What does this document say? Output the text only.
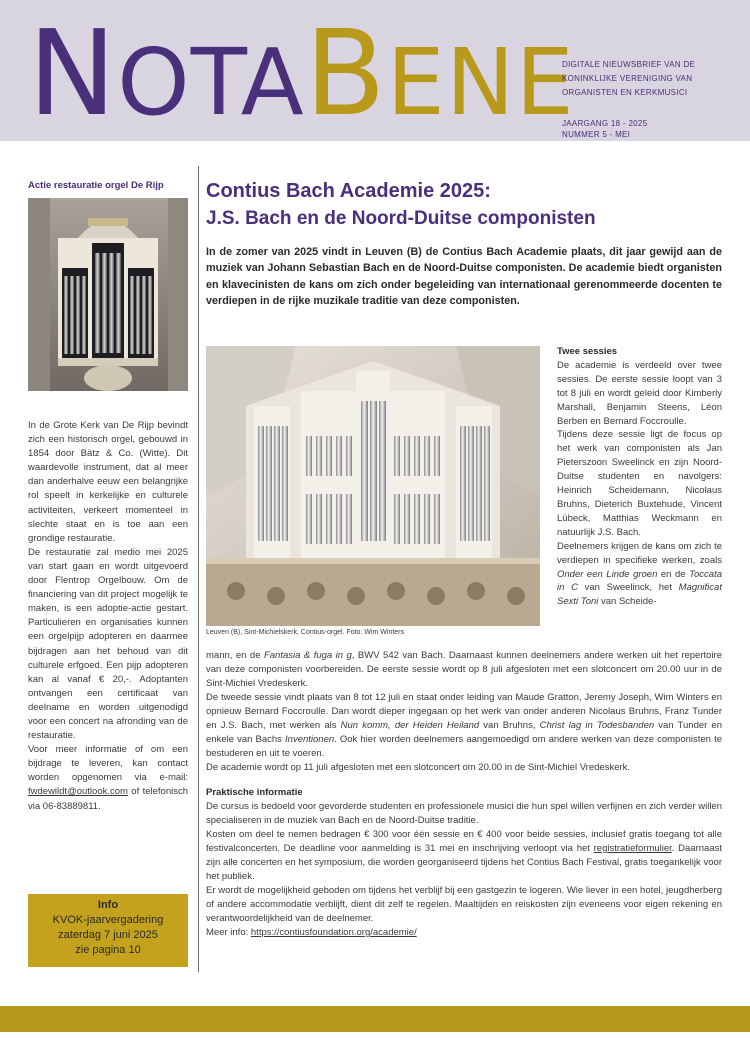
NOTABENE
DIGITALE NIEUWSBRIEF VAN DE KONINKLIJKE VERENIGING VAN ORGANISTEN EN KERKMUSICI
JAARGANG 18 - 2025
NUMMER 5 - MEI
Actie restauratie orgel De Rijp

In de Grote Kerk van De Rijp bevindt zich een historisch orgel, gebouwd in 1854 door Bätz & Co. (Witte). Dit waardevolle instrument, dat al meer dan anderhalve eeuw een belangrijke rol speelt in kerkelijke en culturele activiteiten, verkeert momenteel in slechte staat en is toe aan een grondige restauratie.

De restauratie zal medio mei 2025 van start gaan en wordt uitgevoerd door Flentrop Orgelbouw. Om de financiering van dit project mogelijk te maken, is een adoptie-actie gestart. Particulieren en organisaties kunnen een orgelpijp adopteren en daarmee bijdragen aan het behoud van dit culturele erfgoed. Een pijp adopteren kan al vanaf € 20,-. Adoptanten ontvangen een certificaat van deelname en worden uitgenodigd voor een concert na afronding van de restauratie.

Voor meer informatie of om een bijdrage te leveren, kan contact worden opgenomen via e-mail: fwdewildt@outlook.com of telefonisch via 06-83889811.

Info
KVOK-jaarvergadering
zaterdag 7 juni 2025
zie pagina 10
Contius Bach Academie 2025:
J.S. Bach en de Noord-Duitse componisten
In de zomer van 2025 vindt in Leuven (B) de Contius Bach Academie plaats, dit jaar gewijd aan de muziek van Johann Sebastian Bach en de Noord-Duitse componisten. De academie biedt organisten en klavecinisten de kans om zich onder begeleiding van internationaal gerenommeerde docenten te verdiepen in de rijke muzikale traditie van deze componisten.
Leuven (B), Sint-Michielskerk, Contius-orgel. Foto: Wim Winters
Twee sessies

De academie is verdeeld over twee sessies. De eerste sessie loopt van 3 tot 8 juli en wordt geleid door Kimberly Marshall, Benjamin Steens, Léon Berben en Bernard Foccroulle.

Tijdens deze sessie ligt de focus op het werk van componisten als Jan Pieterszoon Sweelinck en zijn Noord-Duitse studenten en navolgers: Heinrich Scheidemann, Nicolaus Bruhns, Dieterich Buxtehude, Vincent Lübeck, Matthias Weckmann en natuurlijk J.S. Bach.

Deelnemers krijgen de kans om zich te verdiepen in specifieke werken, zoals Onder een Linde groen en de Toccata in C van Sweelinck, het Magnificat Sexti Toni van Scheide-

mann, en de Fantasia & fuga in g, BWV 542 van Bach. Daarnaast kunnen deelnemers andere werken uit het repertoire van deze componisten voorbereiden. De eerste sessie wordt op 8 juli afgesloten met een slotconcert om 20.00 uur in de Sint-Michiel Vredeskerk.

De tweede sessie vindt plaats van 8 tot 12 juli en staat onder leiding van Maude Gratton, Jeremy Joseph, Wim Winters en opnieuw Bernard Foccroulle. Dan wordt dieper ingegaan op het werk van onder anderen Nicolaus Bruhns, Franz Tunder en J.S. Bach, met werken als Nun komm, der Heiden Heiland van Bruhns, Christ lag in Todesbanden van Tunder en enkele van Bachs Inventionen. Ook hier worden deelnemers aangemoedigd om andere werken van deze componisten te bestuderen en uit te voeren.

De academie wordt op 11 juli afgesloten met een slotconcert om 20.00 in de Sint-Michiel Vredeskerk.

Praktische informatie

De cursus is bedoeld voor gevorderde studenten en professionele musici die hun spel willen verfijnen en zich verder willen specialiseren in de muziek van Bach en de Noord-Duitse traditie.

Kosten om deel te nemen bedragen € 300 voor één sessie en € 400 voor beide sessies, inclusief gratis toegang tot alle festivalconcerten. De deadline voor aanmelding is 31 mei en inschrijving verloopt via het registratieformulier. Daarnaast zijn alle concerten en het symposium, die worden georganiseerd tijdens het Contius Bach Festival, gratis toegankelijk voor het publiek.

Er wordt de mogelijkheid geboden om tijdens het verblijf bij een gastgezin te logeren. Wie liever in een hotel, jeugdherberg of andere accommodatie verblijft, dient dit zelf te regelen. Maaltijden en reiskosten zijn eveneens voor eigen rekening en verantwoordelijkheid van de deelnemer.

Meer info: https://contiusfoundation.org/academie/
